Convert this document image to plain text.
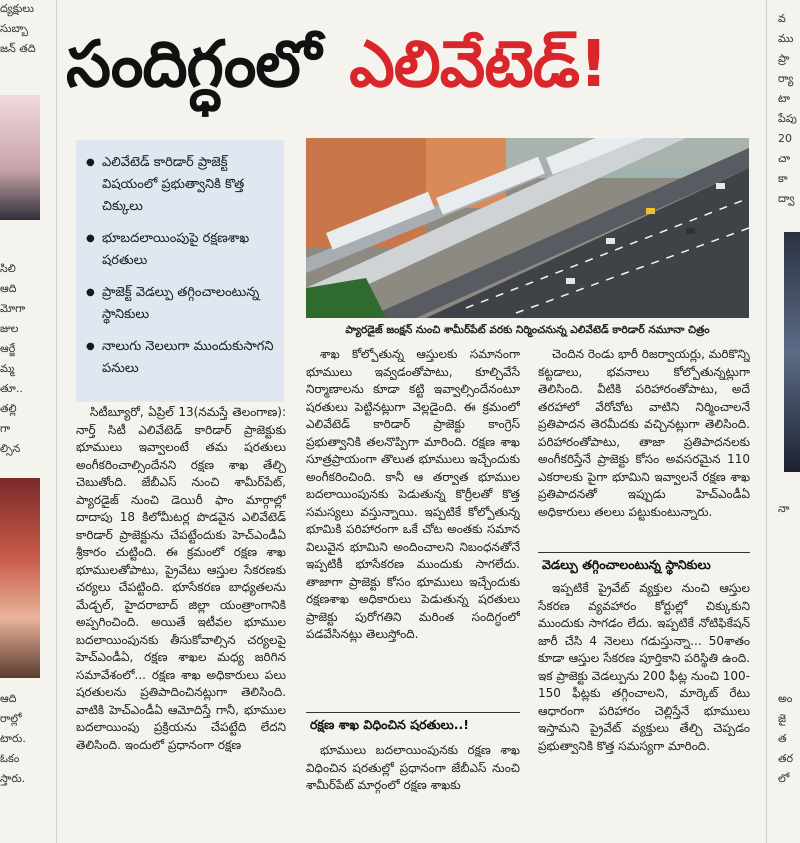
ద్యక్షులు
సుబ్బా
జన్ తది
సిలి
ఆది
మోగా
జుల
ఆర్జే
మ్మ
తూ..
తల్లి
గా
ల్సిన
ఆది
రాల్లో
టారు.
ఓకం
స్తారు.
వ
ము
ప్రా
ర్యా
టా
పేపు
20
చా
కా
ద్వా
నా
అం
జై
త
తర
లో
సందిగ్ధంలో ఎలివేటెడ్!
● ఎలివేటెడ్ కారిడార్ ప్రాజెక్ట్ విషయంలో ప్రభుత్వానికి కొత్త చిక్కులు
● భూబదలాయింపుపై రక్షణశాఖ షరతులు
● ప్రాజెక్ట్ వెడల్పు తగ్గించాలంటున్న స్థానికులు
● నాలుగు నెలలుగా ముందుకుసాగని పనులు
ప్యారడైజ్ జంక్షన్ నుంచి శామీర్‌పేట్ వరకు నిర్మించనున్న ఎలివేటెడ్ కారిడార్ నమూనా చిత్రం

సిటీబ్యూరో, ఏప్రిల్ 13(నమస్తే తెలంగాణ): నార్త్ సిటీ ఎలివేటెడ్ కారిడార్ ప్రాజెక్టుకు భూములు ఇవ్వాలంటే తమ షరతులు అంగీకరించాల్సిందేనని రక్షణ శాఖ తేల్చి చెబుతోంది. జేబీఎస్ నుంచి శామీర్‌పేట్, ప్యారడైజ్ నుంచి డెయిరీ ఫాం మార్గాల్లో దాదాపు 18 కిలోమీటర్ల పొడవైన ఎలివేటెడ్ కారిడార్ ప్రాజెక్టును చేపట్టేందుకు హెచ్ఎండీఏ శ్రీకారం చుట్టింది. ఈ క్రమంలో రక్షణ శాఖ భూములతోపాటు, ప్రైవేటు ఆస్తుల సేకరణకు చర్యలు చేపట్టింది. భూసేకరణ బాధ్యతలను మేడ్చల్, హైదరాబాద్ జిల్లా యంత్రాంగానికి అప్పగించింది. అయితే ఇటీవల భూముల బదలాయింపునకు తీసుకోవాల్సిన చర్యలపై హెచ్ఎండీఏ, రక్షణ శాఖల మధ్య జరిగిన సమావేశంలో... రక్షణ శాఖ అధికారులు పలు షరతులను ప్రతిపాదించినట్లుగా తెలిసింది. వాటికి హెచ్ఎండీఏ ఆమోదిస్తే గానీ, భూముల బదలాయింపు ప్రక్రియను చేపట్టేది లేదని తెలిసింది. ఇందులో ప్రధానంగా రక్షణ

శాఖ కోల్పోతున్న ఆస్తులకు సమానంగా భూములు ఇవ్వడంతోపాటు, కూల్చివేసే నిర్మాణాలను కూడా కట్టి ఇవ్వాల్సిందేనంటూ షరతులు పెట్టినట్లుగా వెల్లడైంది. ఈ క్రమంలో ఎలివేటెడ్ కారిడార్ ప్రాజెక్టు కాంగ్రెస్ ప్రభుత్వానికి తలనొప్పిగా మారింది. రక్షణ శాఖ సూత్రప్రాయంగా తొలుత భూములు ఇచ్చేందుకు అంగీకరించింది. కానీ ఆ తర్వాత భూముల బదలాయింపునకు పెడుతున్న కొర్రీలతో కొత్త సమస్యలు వస్తున్నాయి. ఇప్పటికే కోల్పోతున్న భూమికి పరిహారంగా ఒకే చోట అంతకు సమాన విలువైన భూమిని అందించాలని నిబంధనతోనే ఇప్పటికీ భూసేకరణ ముందుకు సాగలేదు. తాజాగా ప్రాజెక్టు కోసం భూములు ఇచ్చేందుకు రక్షణశాఖ అధికారులు పెడుతున్న షరతులు ప్రాజెక్టు పురోగతిని మరింత సందిగ్ధంలో పడవేసినట్లు తెలుస్తోంది.

రక్షణ శాఖ విధించిన షరతులు..!

భూములు బదలాయింపునకు రక్షణ శాఖ విధించిన షరతుల్లో ప్రధానంగా జేబీఎస్ నుంచి శామీర్‌పేట్ మార్గంలో రక్షణ శాఖకు

చెందిన రెండు భారీ రిజర్వాయర్లు, మరికొన్ని కట్టడాలు, భవనాలు కోల్పోతున్నట్లుగా తెలిసింది. వీటికి పరిహారంతోపాటు, అదే తరహాలో వేరోచోట వాటిని నిర్మించాలనే ప్రతిపాదన తెరమీదకు వచ్చినట్లుగా తెలిసింది. పరిహారంతోపాటు, తాజా ప్రతిపాదనలకు అంగీకరిస్తేనే ప్రాజెక్టు కోసం అవసరమైన 110 ఎకరాలకు పైగా భూమిని ఇవ్వాలనే రక్షణ శాఖ ప్రతిపాదనతో ఇప్పుడు హెచ్ఎండీఏ అధికారులు తలలు పట్టుకుంటున్నారు.

వెడల్పు తగ్గించాలంటున్న స్థానికులు

ఇప్పటికే ప్రైవేట్ వ్యక్తుల నుంచి ఆస్తుల సేకరణ వ్యవహారం కోర్టుల్లో చిక్కుకుని ముందుకు సాగడం లేదు. ఇప్పటికే నోటిఫికేషన్ జారీ చేసి 4 నెలలు గడుస్తున్నా... 50శాతం కూడా ఆస్తుల సేకరణ పూర్తికాని పరిస్థితి ఉంది. ఇక ప్రాజెక్టు వెడల్పును 200 ఫీట్ల నుంచి 100-150 ఫీట్లకు తగ్గించాలని, మార్కెట్ రేటు ఆధారంగా పరిహారం చెల్లిస్తేనే భూములు ఇస్తామని ప్రైవేట్ వ్యక్తులు తేల్చి చెప్పడం ప్రభుత్వానికి కొత్త సమస్యగా మారింది.
